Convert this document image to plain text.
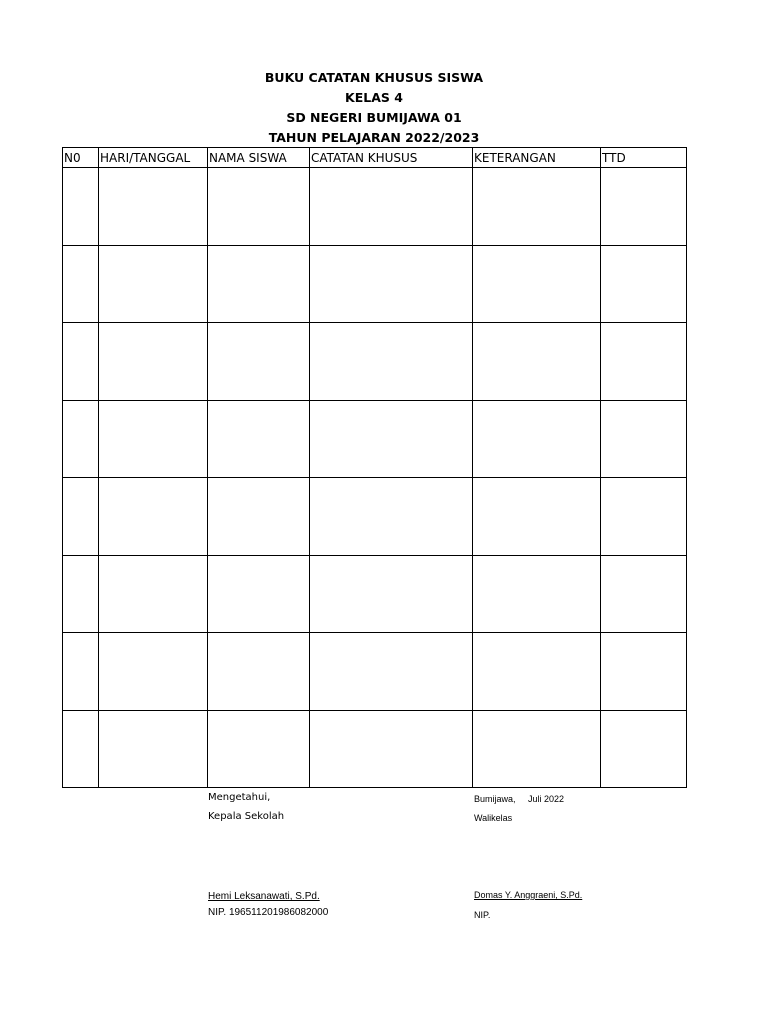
BUKU CATATAN KHUSUS SISWA
KELAS 4
SD NEGERI BUMIJAWA 01
TAHUN PELAJARAN 2022/2023
N0	HARI/TANGGAL	NAMA SISWA	CATATAN KHUSUS	KETERANGAN	TTD

Mengetahui,
Kepala Sekolah
Hemi Leksanawati, S.Pd.
NIP. 196511201986082000
Bumijawa,     Juli 2022
Walikelas
Domas Y. Anggraeni, S.Pd.
NIP.
